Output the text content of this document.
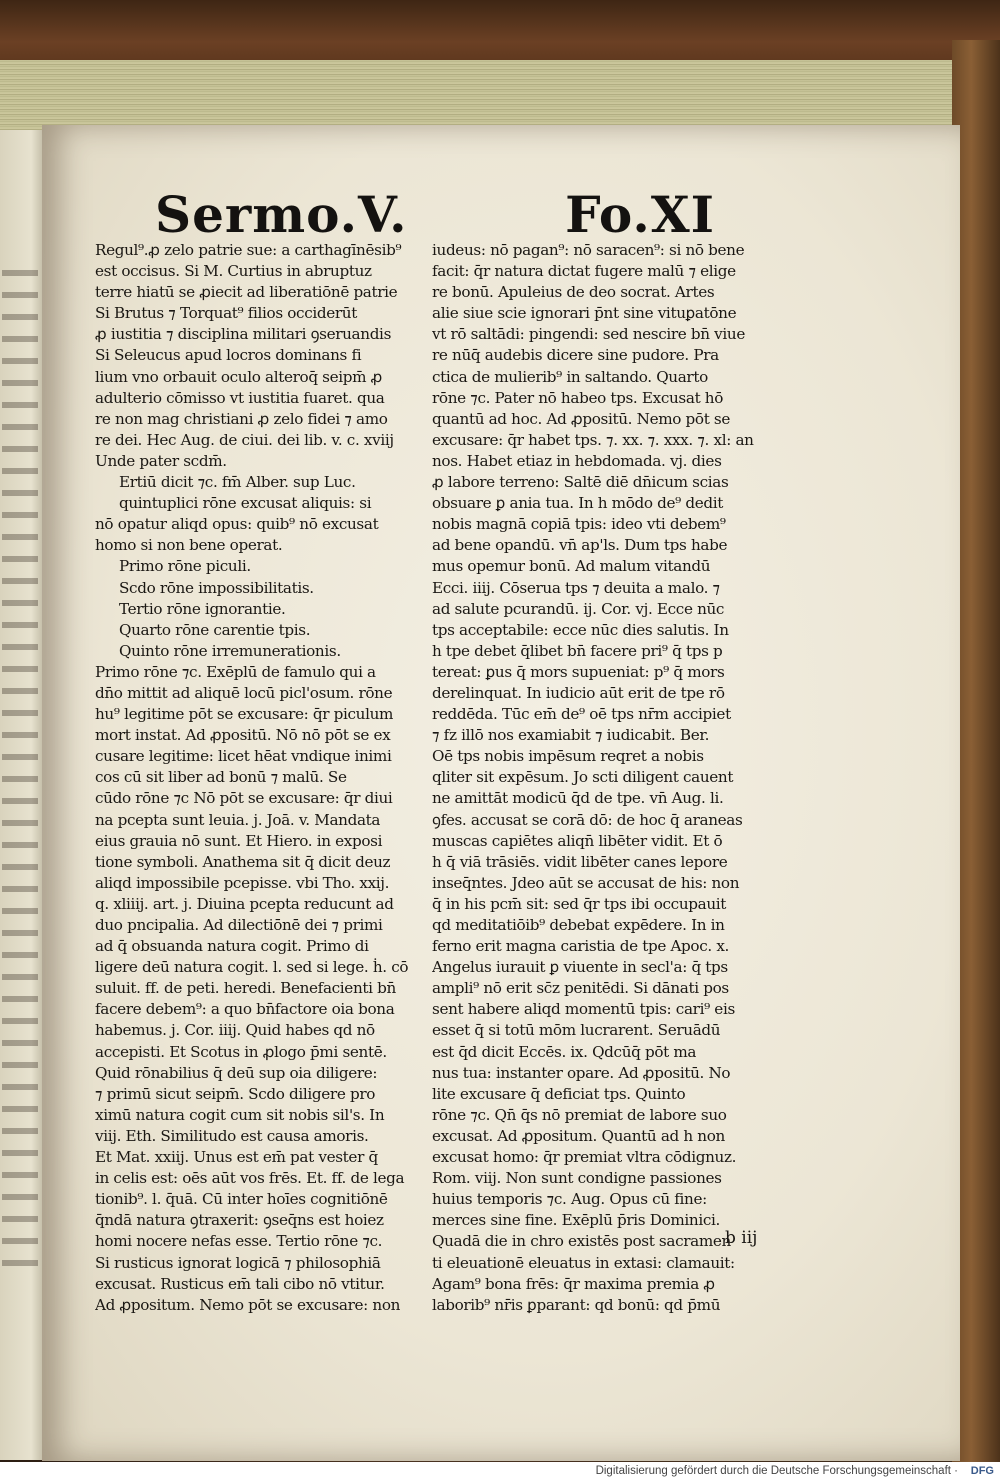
Sermo.V.	Fo.XI
Regul⁹.ꝓ zelo patrie sue: a carthagīnēsib⁹
est occisus. Si M. Curtius in abruptuz
terre hiatū se ꝓiecit ad liberatiōnē patrie
Si Brutus ⁊ Torquat⁹ filios occiderūt
ꝓ iustitia ⁊ disciplina militari ꝯseruandis
Si Seleucus apud locros dominans fi
lium vno orbauit oculo alteroq̄ seipm̄ ꝓ
adulterio cōmisso vt iustitia fuaret. qua
re non mag christiani ꝓ zelo fidei ⁊ amo
re dei. Hec Aug. de ciui. dei lib. v. c. xviij
Unde pater scdm̄.
Ertiū dicit ⁊c. fm̄ Alber. sup Luc.
quintuplici rōne excusat aliquis: si
nō opatur aliqd opus: quib⁹ nō excusat
homo si non bene operat.
Primo rōne piculi.
Scdo rōne impossibilitatis.
Tertio rōne ignorantie.
Quarto rōne carentie tpis.
Quinto rōne irremunerationis.
Primo rōne ⁊c. Exēplū de famulo qui a
dn̄o mittit ad aliquē locū picl'osum. rōne
hu⁹ legitime pōt se excusare: q̄r piculum
mort instat. Ad ꝓpositū. Nō nō pōt se ex
cusare legitime: licet hēat vndique inimi
cos cū sit liber ad bonū ⁊ malū. Se
cūdo rōne ⁊c Nō pōt se excusare: q̄r diui
na pcepta sunt leuia. j. Joā. v. Mandata
eius grauia nō sunt. Et Hiero. in exposi
tione symboli. Anathema sit q̄ dicit deuz
aliqd impossibile pcepisse. vbi Tho. xxij.
q. xliiij. art. j. Diuina pcepta reducunt ad
duo pncipalia. Ad dilectiōnē dei ⁊ primi
ad q̄ obsuanda natura cogit. Primo di
ligere deū natura cogit. l. sed si lege. ḣ. cō
suluit. ff. de peti. heredi. Benefacienti bn̄
facere debem⁹: a quo bn̄factore oia bona
habemus. j. Cor. iiij. Quid habes qd nō
accepisti. Et Scotus in ꝓlogo p̄mi sentē.
Quid rōnabilius q̄ deū sup oia diligere:
⁊ primū sicut seipm̄. Scdo diligere pro
ximū natura cogit cum sit nobis sil's. In
viij. Eth. Similitudo est causa amoris.
Et Mat. xxiij. Unus est em̄ pat vester q̄
in celis est: oēs aūt vos frēs. Et. ff. de lega
tionib⁹. l. q̄uā. Cū inter hoīes cognitiōnē
q̄ndā natura ꝯtraxerit: ꝯseq̄ns est hoiez
homi nocere nefas esse. Tertio rōne ⁊c.
Si rusticus ignorat logicā ⁊ philosophiā
excusat. Rusticus em̄ tali cibo nō vtitur.
Ad ꝓpositum. Nemo pōt se excusare: non
iudeus: nō pagan⁹: nō saracen⁹: si nō bene
facit: q̄r natura dictat fugere malū ⁊ elige
re bonū. Apuleius de deo socrat. Artes
alie siue scie ignorari p̄nt sine vituꝑatōne
vt rō saltādi: pingendi: sed nescire bn̄ viue
re nūq̄ audebis dicere sine pudore. Pra
ctica de mulierib⁹ in saltando. Quarto
rōne ⁊c. Pater nō habeo tps. Excusat hō
quantū ad hoc. Ad ꝓpositū. Nemo pōt se
excusare: q̄r habet tps. ⁊. xx. ⁊. xxx. ⁊. xl: an
nos. Habet etiaz in hebdomada. vj. dies
ꝓ labore terreno: Saltē diē dn̄icum scias
obsuare ꝑ ania tua. In h mōdo de⁹ dedit
nobis magnā copiā tpis: ideo vti debem⁹
ad bene opandū. vn̄ ap'ls. Dum tps habe
mus opemur bonū. Ad malum vitandū
Ecci. iiij. Cōserua tps ⁊ deuita a malo. ⁊
ad salute pcurandū. ij. Cor. vj. Ecce nūc
tps acceptabile: ecce nūc dies salutis. In
h tpe debet q̄libet bn̄ facere pri⁹ q̄ tps p
tereat: ꝑus q̄ mors supueniat: p⁹ q̄ mors
derelinquat. In iudicio aūt erit de tpe rō
reddēda. Tūc em̄ de⁹ oē tps nr̄m accipiet
⁊ fz illō nos examiabit ⁊ iudicabit. Ber.
Oē tps nobis impēsum reqret a nobis
qliter sit expēsum. Jo scti diligent cauent
ne amittāt modicū q̄d de tpe. vn̄ Aug. li.
ꝯfes. accusat se corā dō: de hoc q̄ araneas
muscas capiētes aliqn̄ libēter vidit. Et ō
h q̄ viā trāsiēs. vidit libēter canes lepore
inseq̄ntes. Jdeo aūt se accusat de his: non
q̄ in his pcm̄ sit: sed q̄r tps ibi occupauit
qd meditatiōib⁹ debebat expēdere. In in
ferno erit magna caristia de tpe Apoc. x.
Angelus iurauit ꝑ viuente in secl'a: q̄ tps
ampli⁹ nō erit sc̄z penitēdi. Si dānati pos
sent habere aliqd momentū tpis: cari⁹ eis
esset q̄ si totū mōm lucrarent. Seruādū
est q̄d dicit Eccēs. ix. Qdcūq̄ pōt ma
nus tua: instanter opare. Ad ꝓpositū. No
lite excusare q̄ deficiat tps. Quinto
rōne ⁊c. Qn̄ q̄s nō premiat de labore suo
excusat. Ad ꝓpositum. Quantū ad h non
excusat homo: q̄r premiat vltra cōdignuz.
Rom. viij. Non sunt condigne passiones
huius temporis ⁊c. Aug. Opus cū fine:
merces sine fine. Exēplū p̄ris Dominici.
Quadā die in chro existēs post sacramen
ti eleuationē eleuatus in extasi: clamauit:
Agam⁹ bona frēs: q̄r maxima premia ꝓ
laborib⁹ nr̄is ꝑparant: qd bonū: qd p̄mū
b iij
Digitalisierung gefördert durch die Deutsche Forschungsgemeinschaft · DFG
